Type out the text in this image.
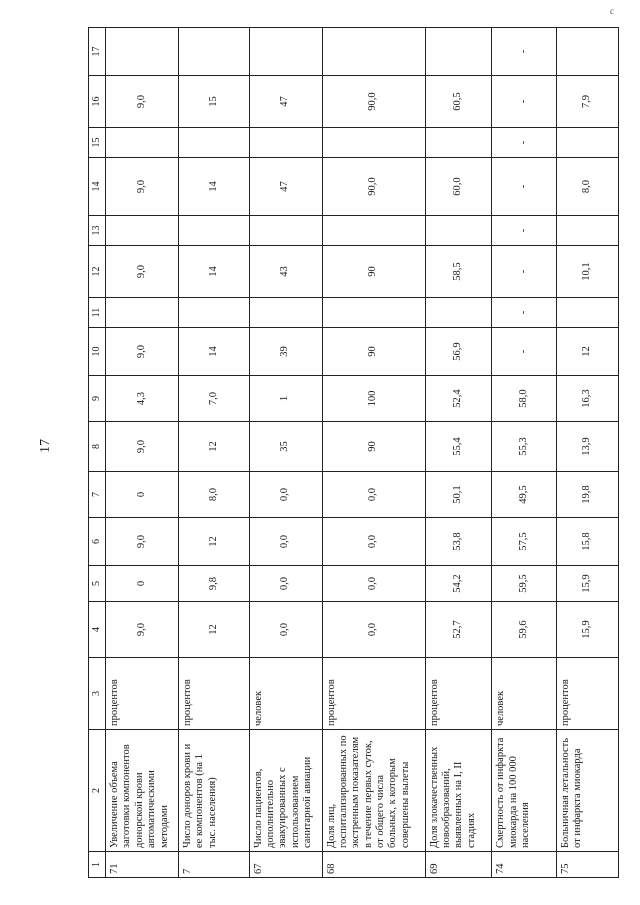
c
17
1	2	3	4	5	6	7	8	9	10	11	12	13	14	15	16	17
71	Увеличение объема заготовки компонентов донорской крови автоматическими методами	процентов	9,0	0	9,0	0	9,0	4,3	9,0		9,0		9,0		9,0	
7	Число доноров крови и ее компонентов (на 1 тыс. населения)	процентов	12	9,8	12	8,0	12	7,0	14		14		14		15	
67	Число пациентов, дополнительно эвакуированных с использованием санитарной авиации	человек	0,0	0,0	0,0	0,0	35	1	39		43		47		47	
68	Доля лиц, госпитализированных по экстренным показателям в течение первых суток, от общего числа больных, к которым совершены вылеты	процентов	0,0	0,0	0,0	0,0	90	100	90		90		90,0		90,0	
69	Доля злокачественных новообразований, выявленных на I, II стадиях	процентов	52,7	54,2	53,8	50,1	55,4	52,4	56,9		58,5		60,0		60,5	
74	Смертность от инфаркта миокарда на 100 000 населения	человек	59,6	59,5	57,5	49,5	55,3	58,0	-	-	-	-	-	-	-	-
75	Больничная летальность от инфаркта миокарда	процентов	15,9	15,9	15,8	19,8	13,9	16,3	12		10,1		8,0		7,9	
